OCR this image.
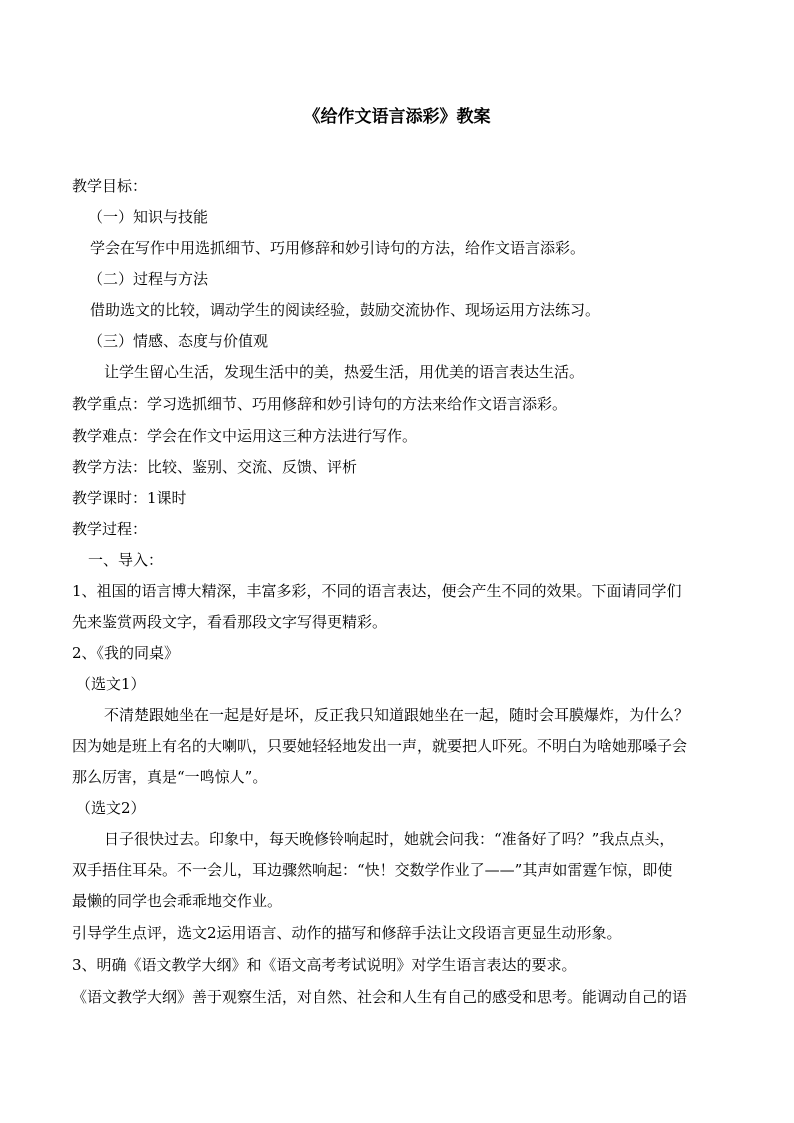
《给作文语言添彩》教案
教学目标：
（一）知识与技能
学会在写作中用选抓细节、巧用修辞和妙引诗句的方法，给作文语言添彩。
（二）过程与方法
借助选文的比较，调动学生的阅读经验，鼓励交流协作、现场运用方法练习。
（三）情感、态度与价值观
让学生留心生活，发现生活中的美，热爱生活，用优美的语言表达生活。
教学重点：学习选抓细节、巧用修辞和妙引诗句的方法来给作文语言添彩。
教学难点：学会在作文中运用这三种方法进行写作。
教学方法：比较、鉴别、交流、反馈、评析
教学课时：1课时
教学过程：
一、导入：
1、祖国的语言博大精深，丰富多彩，不同的语言表达，便会产生不同的效果。下面请同学们
先来鉴赏两段文字，看看那段文字写得更精彩。
2、《我的同桌》
（选文1）
不清楚跟她坐在一起是好是坏，反正我只知道跟她坐在一起，随时会耳膜爆炸，为什么？
因为她是班上有名的大喇叭，只要她轻轻地发出一声，就要把人吓死。不明白为啥她那嗓子会
那么厉害，真是“一鸣惊人”。
（选文2）
日子很快过去。印象中，每天晚修铃响起时，她就会问我：“准备好了吗？”我点点头，
双手捂住耳朵。不一会儿，耳边骤然响起：“快！交数学作业了——”其声如雷霆乍惊，即使
最懒的同学也会乖乖地交作业。
引导学生点评，选文2运用语言、动作的描写和修辞手法让文段语言更显生动形象。
3、明确《语文教学大纲》和《语文高考考试说明》对学生语言表达的要求。
《语文教学大纲》善于观察生活，对自然、社会和人生有自己的感受和思考。能调动自己的语
